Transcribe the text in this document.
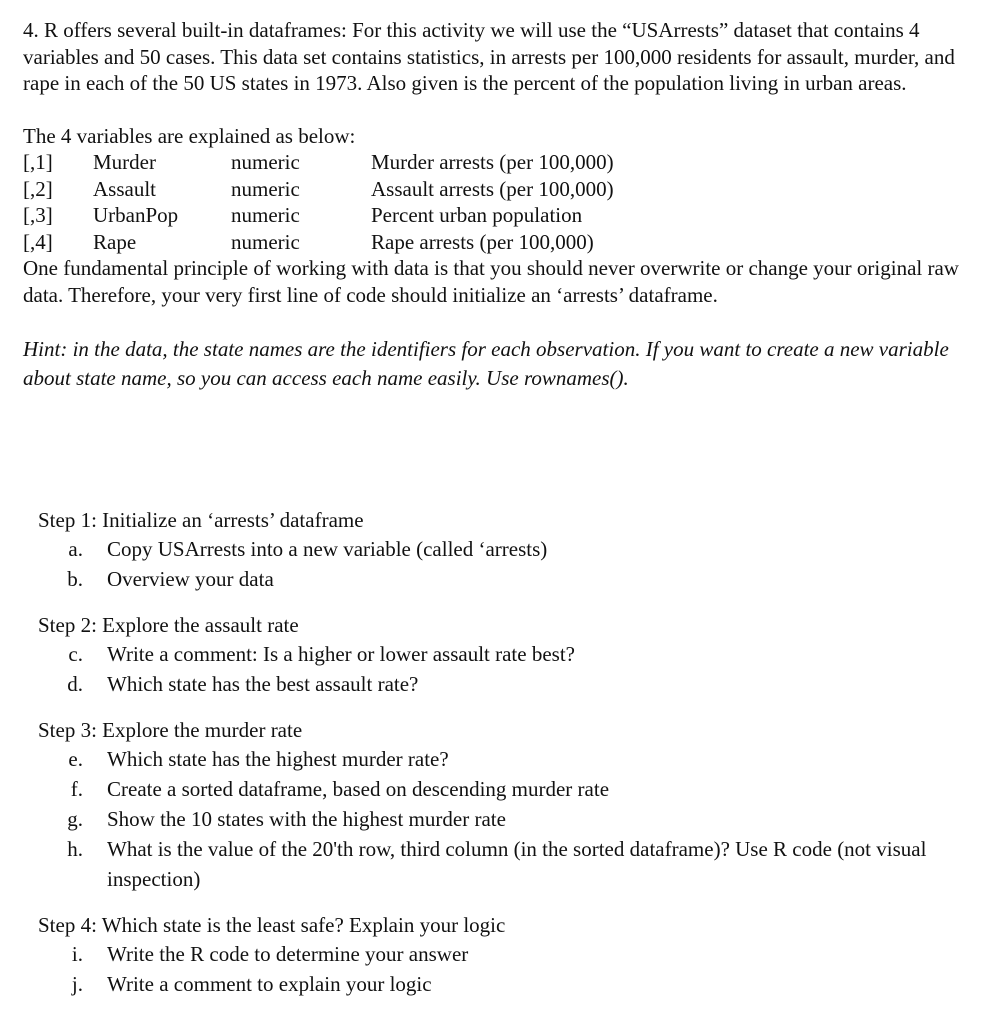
4. R offers several built-in dataframes: For this activity we will use the “USArrests” dataset that contains 4 variables and 50 cases. This data set contains statistics, in arrests per 100,000 residents for assault, murder, and rape in each of the 50 US states in 1973. Also given is the percent of the population living in urban areas.

The 4 variables are explained as below:

[,1]	Murder	numeric	Murder arrests (per 100,000)
[,2]	Assault	numeric	Assault arrests (per 100,000)
[,3]	UrbanPop	numeric	Percent urban population
[,4]	Rape	numeric	Rape arrests (per 100,000)

One fundamental principle of working with data is that you should never overwrite or change your original raw data. Therefore, your very first line of code should initialize an ‘arrests’ dataframe.

Hint: in the data, the state names are the identifiers for each observation. If you want to create a new variable about state name, so you can access each name easily. Use rownames().

Step 1: Initialize an ‘arrests’ dataframe

a.	Copy USArrests into a new variable (called ‘arrests)
b.	Overview your data

Step 2: Explore the assault rate

c.	Write a comment: Is a higher or lower assault rate best?
d.	Which state has the best assault rate?

Step 3: Explore the murder rate

e.	Which state has the highest murder rate?
f.	Create a sorted dataframe, based on descending murder rate
g.	Show the 10 states with the highest murder rate
h.	What is the value of the 20'th row, third column (in the sorted dataframe)? Use R code (not visual inspection)

Step 4: Which state is the least safe? Explain your logic

i.	Write the R code to determine your answer
j.	Write a comment to explain your logic
